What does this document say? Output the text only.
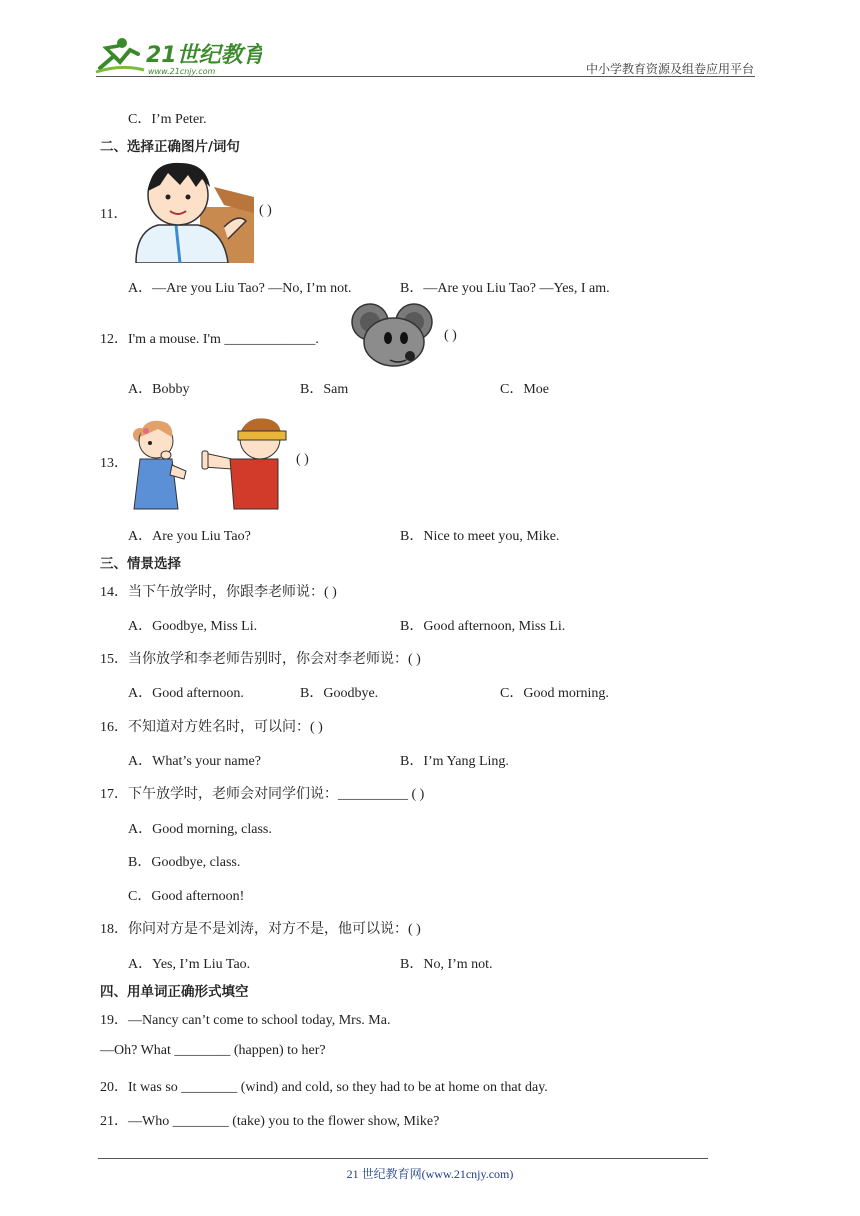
21世纪教育
www.21cnjy.com	中小学教育资源及组卷应用平台
C．I’m Peter.
二、选择正确图片/词句
11．	( )
A．—Are you Liu Tao? —No, I’m not.	B．—Are you Liu Tao? —Yes, I am.
12．I'm a mouse. I'm _____________.	( )
A．Bobby	B．Sam	C．Moe
13．	( )
A．Are you Liu Tao?	B．Nice to meet you, Mike.
三、情景选择
14．当下午放学时，你跟李老师说：( )
A．Goodbye, Miss Li.	B．Good afternoon, Miss Li.
15．当你放学和李老师告别时，你会对李老师说：( )
A．Good afternoon.	B．Goodbye.	C．Good morning.
16．不知道对方姓名时，可以问：( )
A．What’s your name?	B．I’m Yang Ling.
17．下午放学时，老师会对同学们说：__________ ( )
A．Good morning, class.
B．Goodbye, class.
C．Good afternoon!
18．你问对方是不是刘涛，对方不是，他可以说：( )
A．Yes, I’m Liu Tao.	B．No, I’m not.
四、用单词正确形式填空
19．—Nancy can’t come to school today, Mrs. Ma.
—Oh? What ________ (happen) to her?
20．It was so ________ (wind) and cold, so they had to be at home on that day.
21．—Who ________ (take) you to the flower show, Mike?
21 世纪教育网(www.21cnjy.com)
